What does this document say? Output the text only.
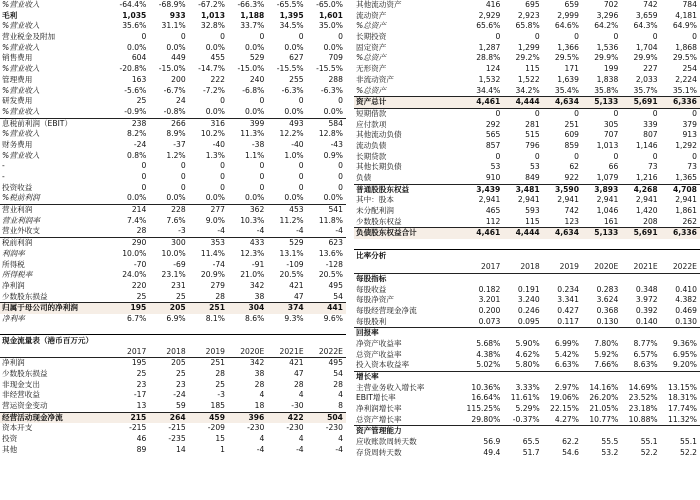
%营业收入	-64.4%	-68.9%	-67.2%	-66.3%	-65.5%	-65.0%
毛利	1,035	933	1,013	1,188	1,395	1,601
%营业收入	35.6%	31.1%	32.8%	33.7%	34.5%	35.0%
营业税金及附加	0	0	0	0	0	0
%营业收入	0.0%	0.0%	0.0%	0.0%	0.0%	0.0%
销售费用	604	449	455	529	627	709
%营业收入	-20.8%	-15.0%	-14.7%	-15.0%	-15.5%	-15.5%
管理费用	163	200	222	240	255	288
%营业收入	-5.6%	-6.7%	-7.2%	-6.8%	-6.3%	-6.3%
研发费用	25	24	0	0	0	0
%营业收入	-0.9%	-0.8%	0.0%	0.0%	0.0%	0.0%
息税前利润（EBIT）	238	266	316	399	493	584
%营业收入	8.2%	8.9%	10.2%	11.3%	12.2%	12.8%
财务费用	-24	-37	-40	-38	-40	-43
%营业收入	0.8%	1.2%	1.3%	1.1%	1.0%	0.9%
-	0	0	0	0	0	0
-	0	0	0	0	0	0
投资收益	0	0	0	0	0	0
%税前利润	0.0%	0.0%	0.0%	0.0%	0.0%	0.0%
营业利润	214	228	277	362	453	541
营业利润率	7.4%	7.6%	9.0%	10.3%	11.2%	11.8%
营业外收支	28	-3	-4	-4	-4	-4
税前利润	290	300	353	433	529	623
利润率	10.0%	10.0%	11.4%	12.3%	13.1%	13.6%
所得税	-70	-69	-74	-91	-109	-128
所得税率	24.0%	23.1%	20.9%	21.0%	20.5%	20.5%
净利润	220	231	279	342	421	495
少数股东损益	25	25	28	38	47	54
归属于母公司的净利润	195	205	251	304	374	441
净利率	6.7%	6.9%	8.1%	8.6%	9.3%	9.6%
现金流量表（港币百万元）
2017	2018	2019	2020E	2021E	2022E
净利润	195	205	251	342	421	495
少数股东损益	25	25	28	38	47	54
非现金支出	23	23	25	28	28	28
非经营收益	-17	-24	-3	4	4	4
营运资金变动	13	59	185	18	-30	8
经营活动现金净流	215	264	459	396	422	504
资本开支	-215	-215	-209	-230	-230	-230
投资	46	-235	15	4	4	4
其他	89	14	1	-4	-4	-4
其他流动资产	416	695	659	702	742	784
流动资产	2,929	2,923	2,999	3,296	3,659	4,181
%总资产	65.6%	65.8%	64.6%	64.2%	64.3%	64.9%
长期投资	0	0	0	0	0	0
固定资产	1,287	1,299	1,366	1,536	1,704	1,868
%总资产	28.8%	29.2%	29.5%	29.9%	29.9%	29.5%
无形资产	124	115	171	199	227	254
非流动资产	1,532	1,522	1,639	1,838	2,033	2,224
%总资产	34.4%	34.2%	35.4%	35.8%	35.7%	35.1%
资产总计	4,461	4,444	4,634	5,133	5,691	6,336
短期借款	0	0	0	0	0	0
应付款项	292	281	251	305	339	379
其他流动负债	565	515	609	707	807	913
流动负债	857	796	859	1,013	1,146	1,292
长期贷款	0	0	0	0	0	0
其他长期负债	53	53	62	66	73	73
负债	910	849	922	1,079	1,216	1,365
普通股股东权益	3,439	3,481	3,590	3,893	4,268	4,708
其中：股本	2,941	2,941	2,941	2,941	2,941	2,941
未分配利润	465	593	742	1,046	1,420	1,861
少数股东权益	112	115	123	161	208	262
负债股东权益合计	4,461	4,444	4,634	5,133	5,691	6,336
比率分析
2017	2018	2019	2020E	2021E	2022E
每股指标
每股收益	0.182	0.191	0.234	0.283	0.348	0.410
每股净资产	3.201	3.240	3.341	3.624	3.972	4.382
每股经营现金净流	0.200	0.246	0.427	0.368	0.392	0.469
每股股利	0.073	0.095	0.117	0.130	0.140	0.130
回报率
净资产收益率	5.68%	5.90%	6.99%	7.80%	8.77%	9.36%
总资产收益率	4.38%	4.62%	5.42%	5.92%	6.57%	6.95%
投入资本收益率	5.02%	5.80%	6.63%	7.66%	8.63%	9.20%
增长率
主营业务收入增长率	10.36%	3.33%	2.97%	14.16%	14.69%	13.15%
EBIT增长率	16.64%	11.61%	19.06%	26.20%	23.52%	18.31%
净利润增长率	115.25%	5.29%	22.15%	21.05%	23.18%	17.74%
总资产增长率	29.80%	-0.37%	4.27%	10.77%	10.88%	11.32%
资产管理能力
应收账款周转天数	56.9	65.5	62.2	55.5	55.1	55.1
存货周转天数	49.4	51.7	54.6	53.2	52.2	52.2
